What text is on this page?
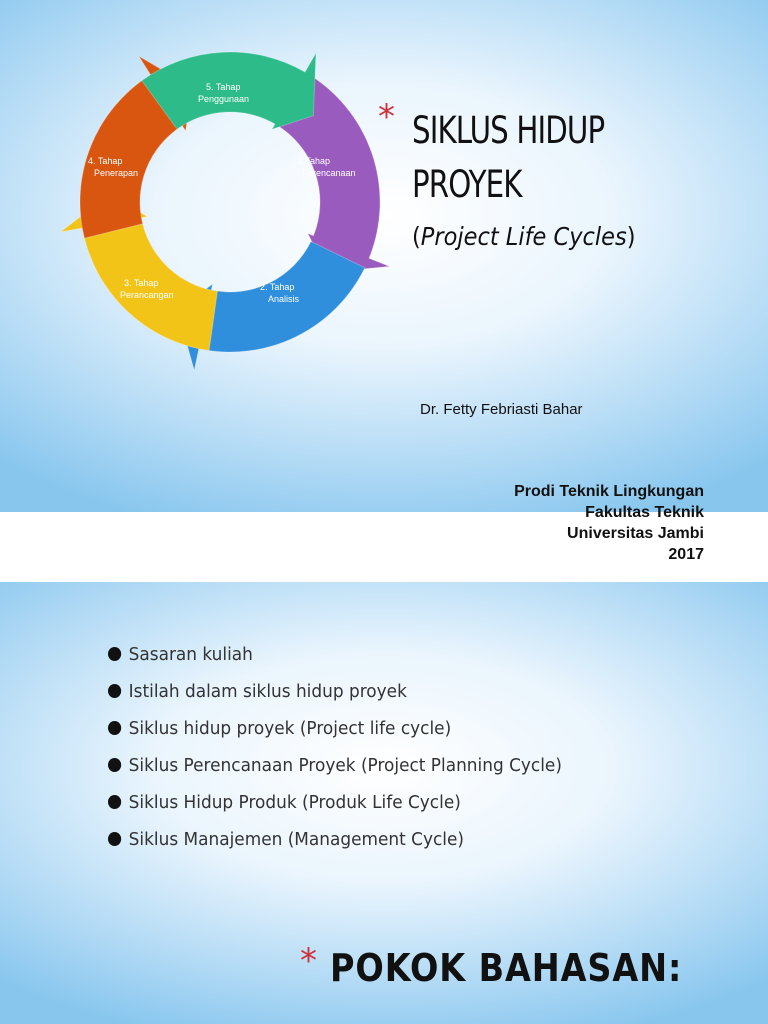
1.Tahap
Perencanaan
2. Tahap
Analisis
3. Tahap
Perancangan
4. Tahap
Penerapan
5. Tahap
Penggunaan	* SIKLUS HIDUP PROYEK
(Project Life Cycles)
Dr. Fetty Febriasti Bahar
Prodi Teknik Lingkungan
Fakultas Teknik
Universitas Jambi
2017
Sasaran kuliah
Istilah dalam siklus hidup proyek
Siklus hidup proyek (Project life cycle)
Siklus Perencanaan Proyek (Project Planning Cycle)
Siklus Hidup Produk (Produk Life Cycle)
Siklus Manajemen (Management Cycle)
* POKOK BAHASAN:
